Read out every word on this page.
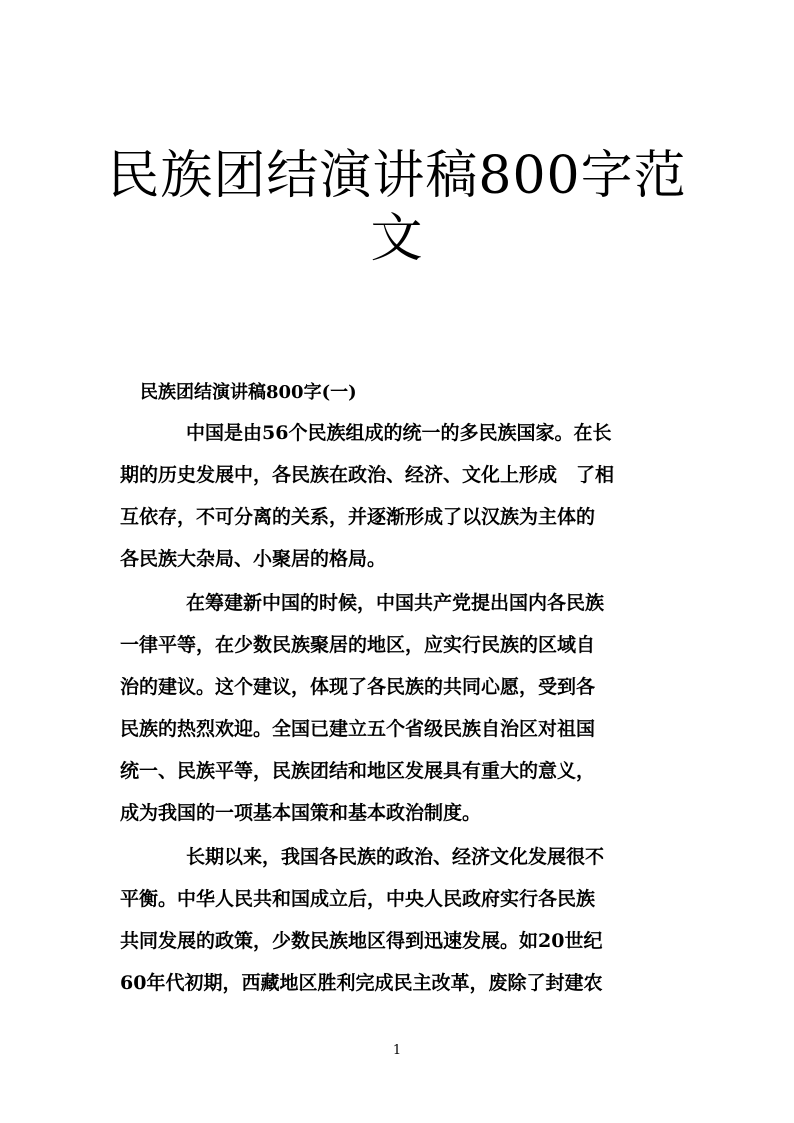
民族团结演讲稿800字范
文
民族团结演讲稿800字(一)
中国是由56个民族组成的统一的多民族国家。在长
期的历史发展中，各民族在政治、经济、文化上形成　了相
互依存，不可分离的关系，并逐渐形成了以汉族为主体的
各民族大杂局、小聚居的格局。
在筹建新中国的时候，中国共产党提出国内各民族
一律平等，在少数民族聚居的地区，应实行民族的区域自
治的建议。这个建议，体现了各民族的共同心愿，受到各
民族的热烈欢迎。全国已建立五个省级民族自治区对祖国
统一、民族平等，民族团结和地区发展具有重大的意义，
成为我国的一项基本国策和基本政治制度。
长期以来，我国各民族的政治、经济文化发展很不
平衡。中华人民共和国成立后，中央人民政府实行各民族
共同发展的政策，少数民族地区得到迅速发展。如20世纪
60年代初期，西藏地区胜利完成民主改革，废除了封建农
1
